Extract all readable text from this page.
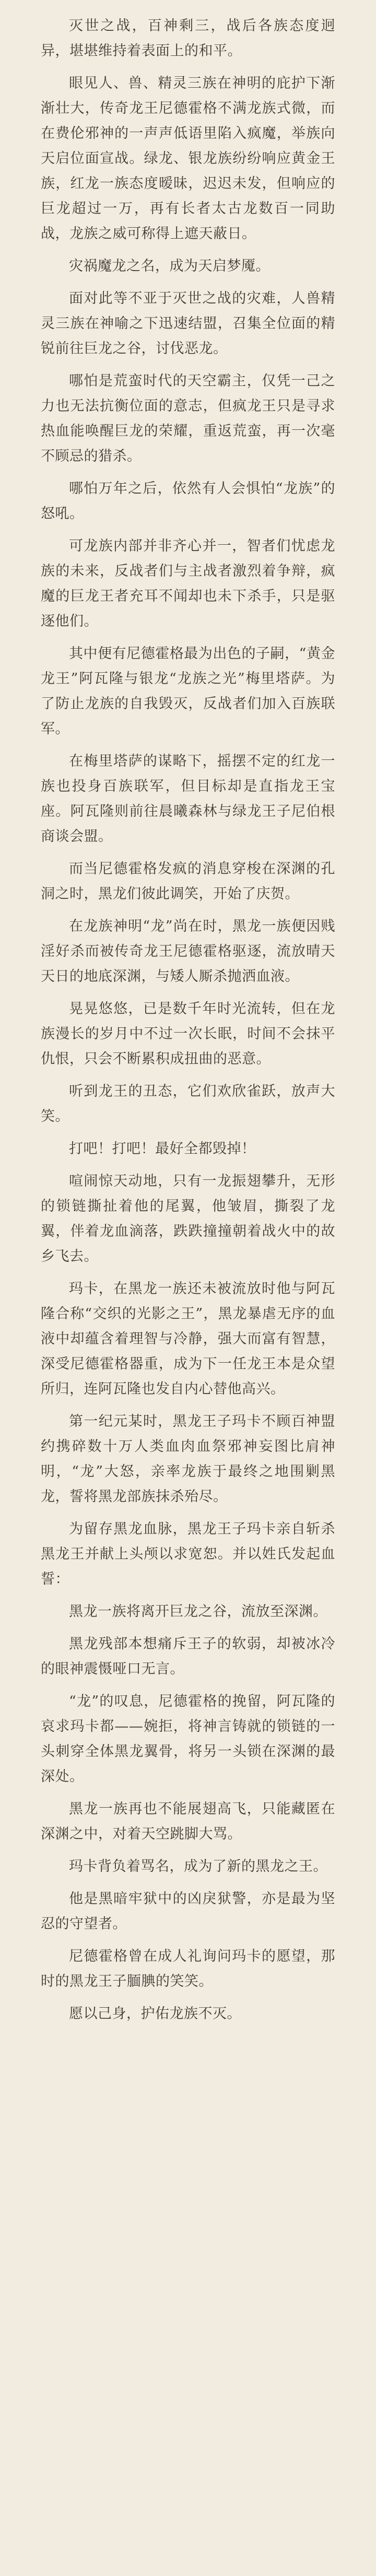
灭世之战，百神剩三，战后各族态度迥异，堪堪维持着表面上的和平。

眼见人、兽、精灵三族在神明的庇护下渐渐壮大，传奇龙王尼德霍格不满龙族式微，而在费伦邪神的一声声低语里陷入疯魔，举族向天启位面宣战。绿龙、银龙族纷纷响应黄金王族，红龙一族态度暧昧，迟迟未发，但响应的巨龙超过一万，再有长者太古龙数百一同助战，龙族之威可称得上遮天蔽日。

灾祸魔龙之名，成为天启梦魇。

面对此等不亚于灭世之战的灾难，人兽精灵三族在神喻之下迅速结盟，召集全位面的精锐前往巨龙之谷，讨伐恶龙。

哪怕是荒蛮时代的天空霸主，仅凭一己之力也无法抗衡位面的意志，但疯龙王只是寻求热血能唤醒巨龙的荣耀，重返荒蛮，再一次毫不顾忌的猎杀。

哪怕万年之后，依然有人会惧怕“龙族”的怒吼。

可龙族内部并非齐心并一，智者们忧虑龙族的未来，反战者们与主战者激烈着争辩，疯魔的巨龙王者充耳不闻却也未下杀手，只是驱逐他们。

其中便有尼德霍格最为出色的子嗣，“黄金龙王”阿瓦隆与银龙“龙族之光”梅里塔萨。为了防止龙族的自我毁灭，反战者们加入百族联军。

在梅里塔萨的谋略下，摇摆不定的红龙一族也投身百族联军，但目标却是直指龙王宝座。阿瓦隆则前往晨曦森林与绿龙王子尼伯根商谈会盟。

而当尼德霍格发疯的消息穿梭在深渊的孔洞之时，黑龙们彼此调笑，开始了庆贺。

在龙族神明“龙”尚在时，黑龙一族便因贱淫好杀而被传奇龙王尼德霍格驱逐，流放晴天天日的地底深渊，与矮人厮杀抛洒血液。

晃晃悠悠，已是数千年时光流转，但在龙族漫长的岁月中不过一次长眠，时间不会抹平仇恨，只会不断累积成扭曲的恶意。

听到龙王的丑态，它们欢欣雀跃，放声大笑。

打吧！打吧！最好全都毁掉！

喧闹惊天动地，只有一龙振翅攀升，无形的锁链撕扯着他的尾翼，他皱眉，撕裂了龙翼，伴着龙血滴落，跌跌撞撞朝着战火中的故乡飞去。

玛卡，在黑龙一族还未被流放时他与阿瓦隆合称“交织的光影之王”，黑龙暴虐无序的血液中却蕴含着理智与冷静，强大而富有智慧，深受尼德霍格器重，成为下一任龙王本是众望所归，连阿瓦隆也发自内心替他高兴。

第一纪元某时，黑龙王子玛卡不顾百神盟约携碎数十万人类血肉血祭邪神妄图比肩神明，“龙”大怒，亲率龙族于最终之地围剿黑龙，誓将黑龙部族抹杀殆尽。

为留存黑龙血脉，黑龙王子玛卡亲自斩杀黑龙王并献上头颅以求宽恕。并以姓氏发起血誓：

黑龙一族将离开巨龙之谷，流放至深渊。

黑龙残部本想痛斥王子的软弱，却被冰冷的眼神震慑哑口无言。

“龙”的叹息，尼德霍格的挽留，阿瓦隆的哀求玛卡都——婉拒，将神言铸就的锁链的一头刺穿全体黑龙翼骨，将另一头锁在深渊的最深处。

黑龙一族再也不能展翅高飞，只能藏匿在深渊之中，对着天空跳脚大骂。

玛卡背负着骂名，成为了新的黑龙之王。

他是黑暗牢狱中的凶戾狱警，亦是最为坚忍的守望者。

尼德霍格曾在成人礼询问玛卡的愿望，那时的黑龙王子腼腆的笑笑。

愿以己身，护佑龙族不灭。
